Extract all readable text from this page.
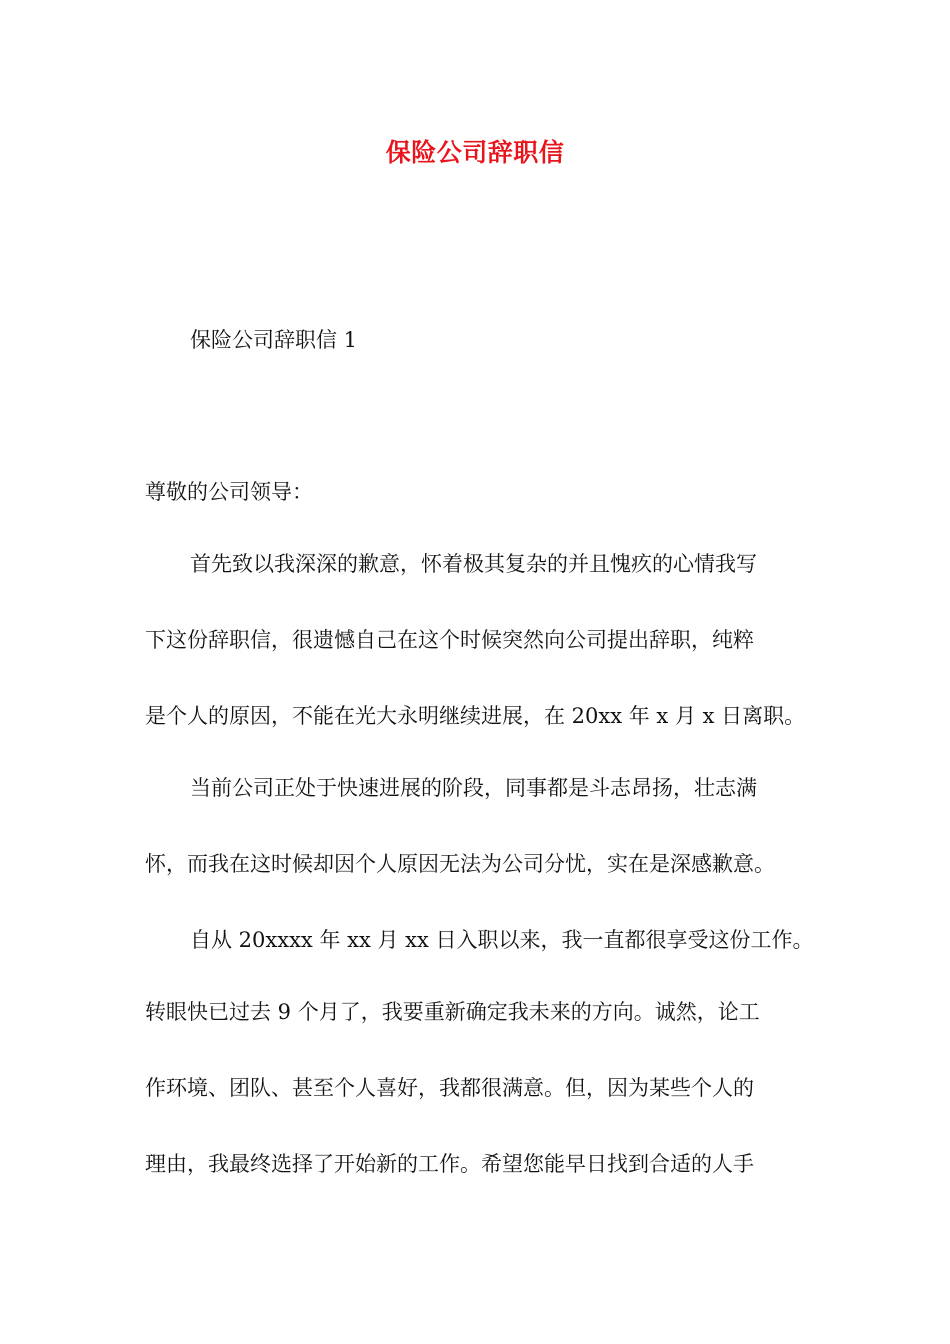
保险公司辞职信
保险公司辞职信 1
尊敬的公司领导：
首先致以我深深的歉意，怀着极其复杂的并且愧疚的心情我写
下这份辞职信，很遗憾自己在这个时候突然向公司提出辞职，纯粹
是个人的原因，不能在光大永明继续进展，在 20xx 年 x 月 x 日离职。
当前公司正处于快速进展的阶段，同事都是斗志昂扬，壮志满
怀，而我在这时候却因个人原因无法为公司分忧，实在是深感歉意。
自从 20xxxx 年 xx 月 xx 日入职以来，我一直都很享受这份工作。
转眼快已过去 9 个月了，我要重新确定我未来的方向。诚然，论工
作环境、团队、甚至个人喜好，我都很满意。但，因为某些个人的
理由，我最终选择了开始新的工作。希望您能早日找到合适的人手
